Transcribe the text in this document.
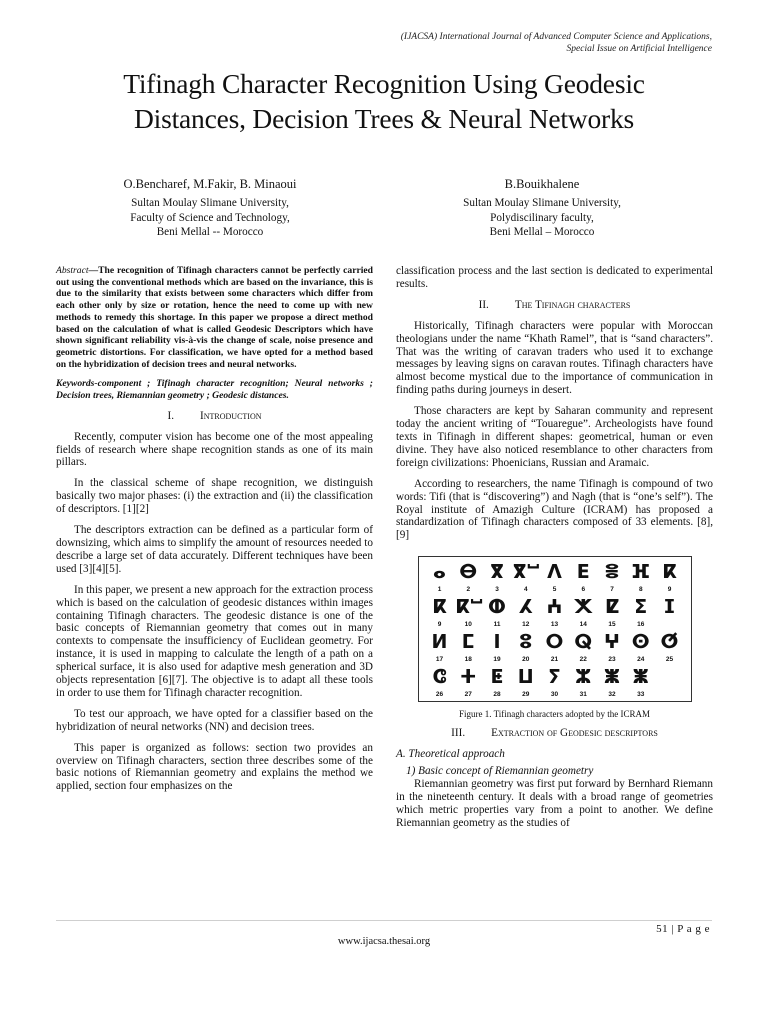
(IJACSA) International Journal of Advanced Computer Science and Applications,
Special Issue on Artificial Intelligence
Tifinagh Character Recognition Using Geodesic
Distances, Decision Trees & Neural Networks
O.Bencharef, M.Fakir, B. Minaoui
Sultan Moulay Slimane University,
Faculty of Science and Technology,
Beni Mellal -- Morocco
B.Bouikhalene
Sultan Moulay Slimane University,
Polydiscilinary faculty,
Beni Mellal – Morocco

Abstract—The recognition of Tifinagh characters cannot be perfectly carried out using the conventional methods which are based on the invariance, this is due to the similarity that exists between some characters which differ from each other only by size or rotation, hence the need to come up with new methods to remedy this shortage. In this paper we propose a direct method based on the calculation of what is called Geodesic Descriptors which have shown significant reliability vis-à-vis the change of scale, noise presence and geometric distortions. For classification, we have opted for a method based on the hybridization of decision trees and neural networks.

Keywords-component ; Tifinagh character recognition; Neural networks ; Decision trees, Riemannian geometry ; Geodesic distances.

I. Introduction

Recently, computer vision has become one of the most appealing fields of research where shape recognition stands as one of its main pillars.

In the classical scheme of shape recognition, we distinguish basically two major phases: (i) the extraction and (ii) the classification of descriptors. [1][2]

The descriptors extraction can be defined as a particular form of downsizing, which aims to simplify the amount of resources needed to describe a large set of data accurately. Different techniques have been used [3][4][5].

In this paper, we present a new approach for the extraction process which is based on the calculation of geodesic distances within images containing Tifinagh characters. The geodesic distance is one of the basic concepts of Riemannian geometry that comes out in many contexts to compensate the insufficiency of Euclidean geometry. For instance, it is used in mapping to calculate the length of a path on a spherical surface, it is also used for adaptive mesh generation and 3D objects representation [6][7]. The objective is to adapt all these tools in order to use them for Tifinagh character recognition.

To test our approach, we have opted for a classifier based on the hybridization of neural networks (NN) and decision trees.

This paper is organized as follows: section two provides an overview on Tifinagh characters, section three describes some of the basic notions of Riemannian geometry and explains the method we applied, section four emphasizes on the

classification process and the last section is dedicated to experimental results.

II. The Tifinagh characters

Historically, Tifinagh characters were popular with Moroccan theologians under the name “Khath Ramel”, that is “sand characters”. That was the writing of caravan traders who used it to exchange messages by leaving signs on caravan routes. Tifinagh characters have almost become mystical due to the importance of communication in finding paths during journeys in desert.

Those characters are kept by Saharan community and represent today the ancient writing of “Touaregue”. Archeologists have found texts in Tifinagh in different shapes: geometrical, human or even divine. They have also noticed resemblance to other characters from foreign civilizations: Phoenicians, Russian and Aramaic.

According to researchers, the name Tifinagh is compound of two words: Tifi (that is “discovering”) and Nagh (that is “one’s self”). The Royal institute of Amazigh Culture (ICRAM) has proposed a standardization of Tifinagh characters composed of 33 elements. [8],[9]

ⴰ ⴱ ⴳ ⴳⵯ ⴷ ⴹ ⴻ ⴼ ⴽ
1	2	3	4	5	6	7	8	9
ⴽ ⴽⵯ ⵀ ⵃ ⵄ ⵅ ⵇ ⵉ ⵊ
9	10	11	12	13	14	15	16
ⵍ ⵎ ⵏ ⵓ ⵔ ⵕ ⵖ ⵙ ⵚ
17	18	19	20	21	22	23	24	25
ⵛ ⵜ ⵟ ⵡ ⵢ ⵣ ⵥ ⵥ
26	27	28	29	30	31	32	33
Figure 1. Tifinagh characters adopted by the ICRAM
III. Extraction of Geodesic descriptors
A. Theoretical approach
1) Basic concept of Riemannian geometry

Riemannian geometry was first put forward by Bernhard Riemann in the nineteenth century. It deals with a broad range of geometries which metric properties vary from a point to another. We define Riemannian geometry as the studies of

51 | P a g e
www.ijacsa.thesai.org
